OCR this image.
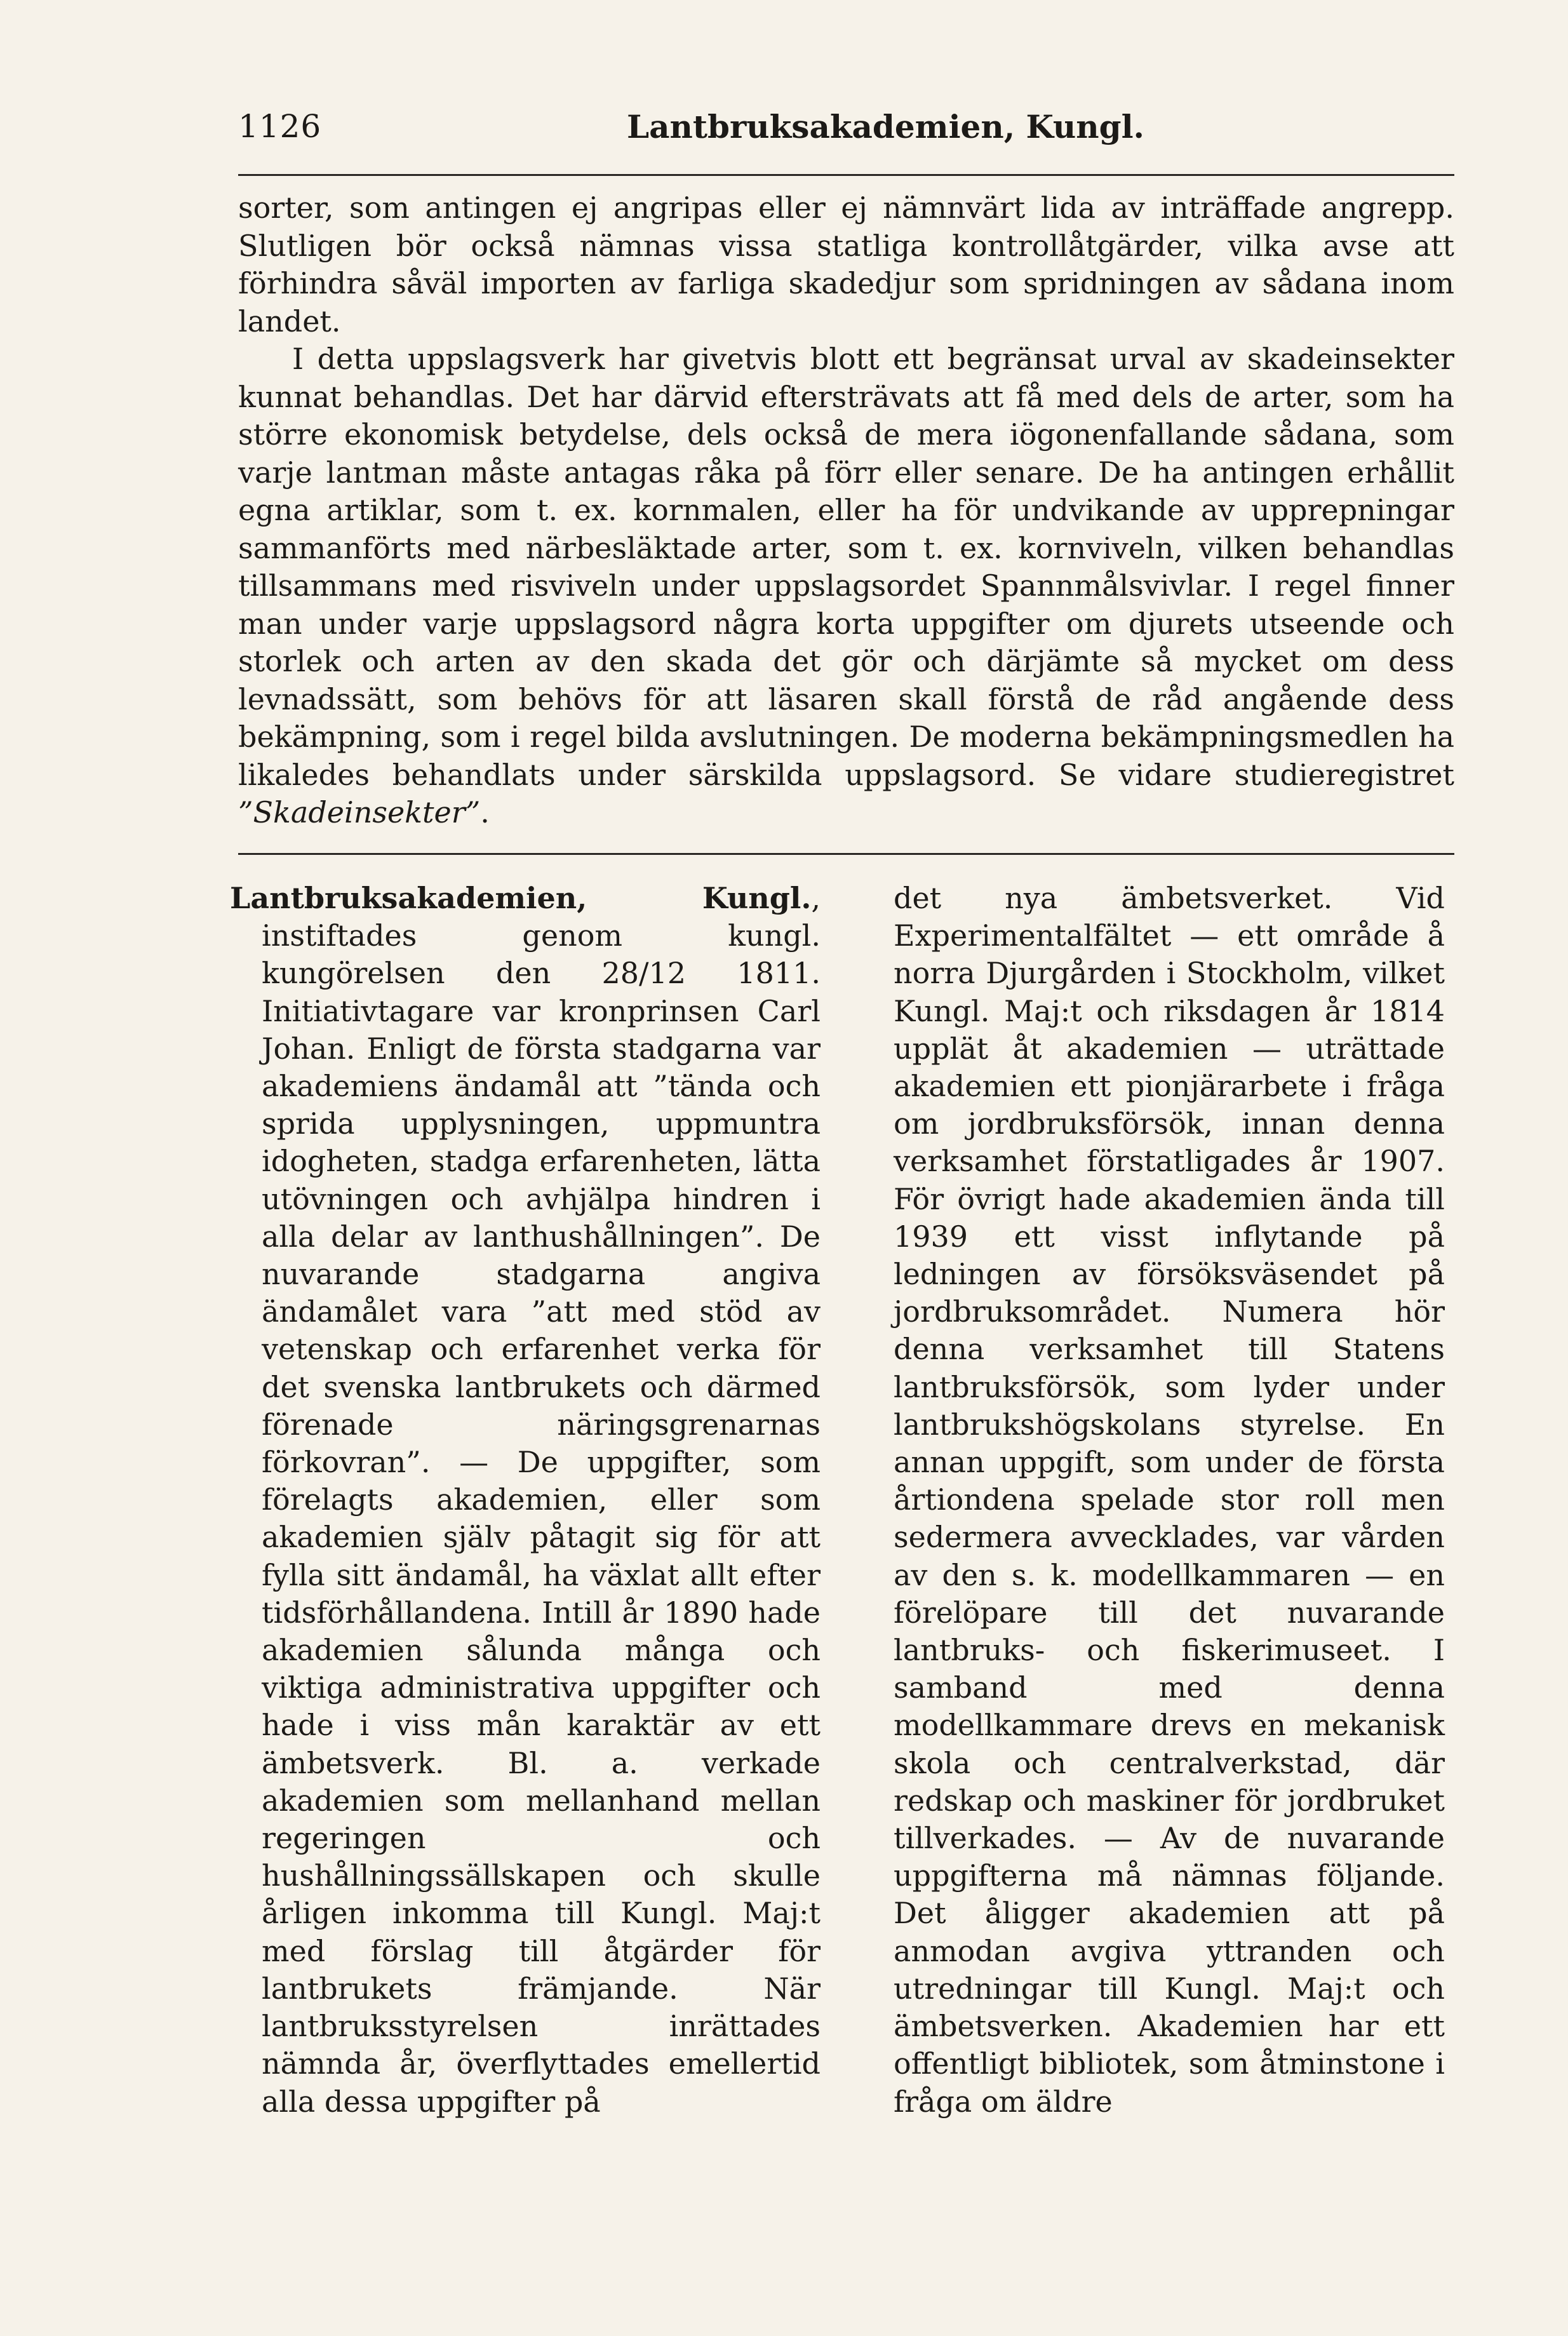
1126	Lantbruksakademien, Kungl.

sorter, som antingen ej angripas eller ej nämnvärt lida av inträffade angrepp. Slutligen bör också nämnas vissa statliga kontrollåtgärder, vilka avse att förhindra såväl importen av farliga skadedjur som spridningen av sådana inom landet.

I detta uppslagsverk har givetvis blott ett begränsat urval av skadeinsekter kunnat behandlas. Det har därvid eftersträvats att få med dels de arter, som ha större ekonomisk betydelse, dels också de mera iögonenfallande sådana, som varje lantman måste antagas råka på förr eller senare. De ha antingen erhållit egna artiklar, som t. ex. kornmalen, eller ha för undvikande av upprepningar sammanförts med närbesläktade arter, som t. ex. kornviveln, vilken behandlas tillsammans med risviveln under uppslagsordet Spannmålsvivlar. I regel finner man under varje uppslagsord några korta uppgifter om djurets utseende och storlek och arten av den skada det gör och därjämte så mycket om dess levnadssätt, som behövs för att läsaren skall förstå de råd angående dess bekämpning, som i regel bilda avslutningen. De moderna bekämpningsmedlen ha likaledes behandlats under särskilda uppslagsord. Se vidare studieregistret ”Skadeinsekter”.

Lantbruksakademien, Kungl., instiftades genom kungl. kungörelsen den 28/12 1811. Initiativtagare var kronprinsen Carl Johan. Enligt de första stadgarna var akademiens ändamål att ”tända och sprida upplysningen, uppmuntra idogheten, stadga erfarenheten, lätta utövningen och avhjälpa hindren i alla delar av lanthushållningen”. De nuvarande stadgarna angiva ändamålet vara ”att med stöd av vetenskap och erfarenhet verka för det svenska lantbrukets och därmed förenade näringsgrenarnas förkovran”. — De uppgifter, som förelagts akademien, eller som akademien själv påtagit sig för att fylla sitt ändamål, ha växlat allt efter tidsförhållandena. Intill år 1890 hade akademien sålunda många och viktiga administrativa uppgifter och hade i viss mån karaktär av ett ämbetsverk. Bl. a. verkade akademien som mellanhand mellan regeringen och hushållningssällskapen och skulle årligen inkomma till Kungl. Maj:t med förslag till åtgärder för lantbrukets främjande. När lantbruksstyrelsen inrättades nämnda år, överflyttades emellertid alla dessa uppgifter på

det nya ämbetsverket. Vid Experimentalfältet — ett område å norra Djurgården i Stockholm, vilket Kungl. Maj:t och riksdagen år 1814 upplät åt akademien — uträttade akademien ett pionjärarbete i fråga om jordbruksförsök, innan denna verksamhet förstatligades år 1907. För övrigt hade akademien ända till 1939 ett visst inflytande på ledningen av försöksväsendet på jordbruksområdet. Numera hör denna verksamhet till Statens lantbruksförsök, som lyder under lantbrukshögskolans styrelse. En annan uppgift, som under de första årtiondena spelade stor roll men sedermera avvecklades, var vården av den s. k. modellkammaren — en förelöpare till det nuvarande lantbruks- och fiskerimuseet. I samband med denna modellkammare drevs en mekanisk skola och centralverkstad, där redskap och maskiner för jordbruket tillverkades. — Av de nuvarande uppgifterna må nämnas följande. Det åligger akademien att på anmodan avgiva yttranden och utredningar till Kungl. Maj:t och ämbetsverken. Akademien har ett offentligt bibliotek, som åtminstone i fråga om äldre
